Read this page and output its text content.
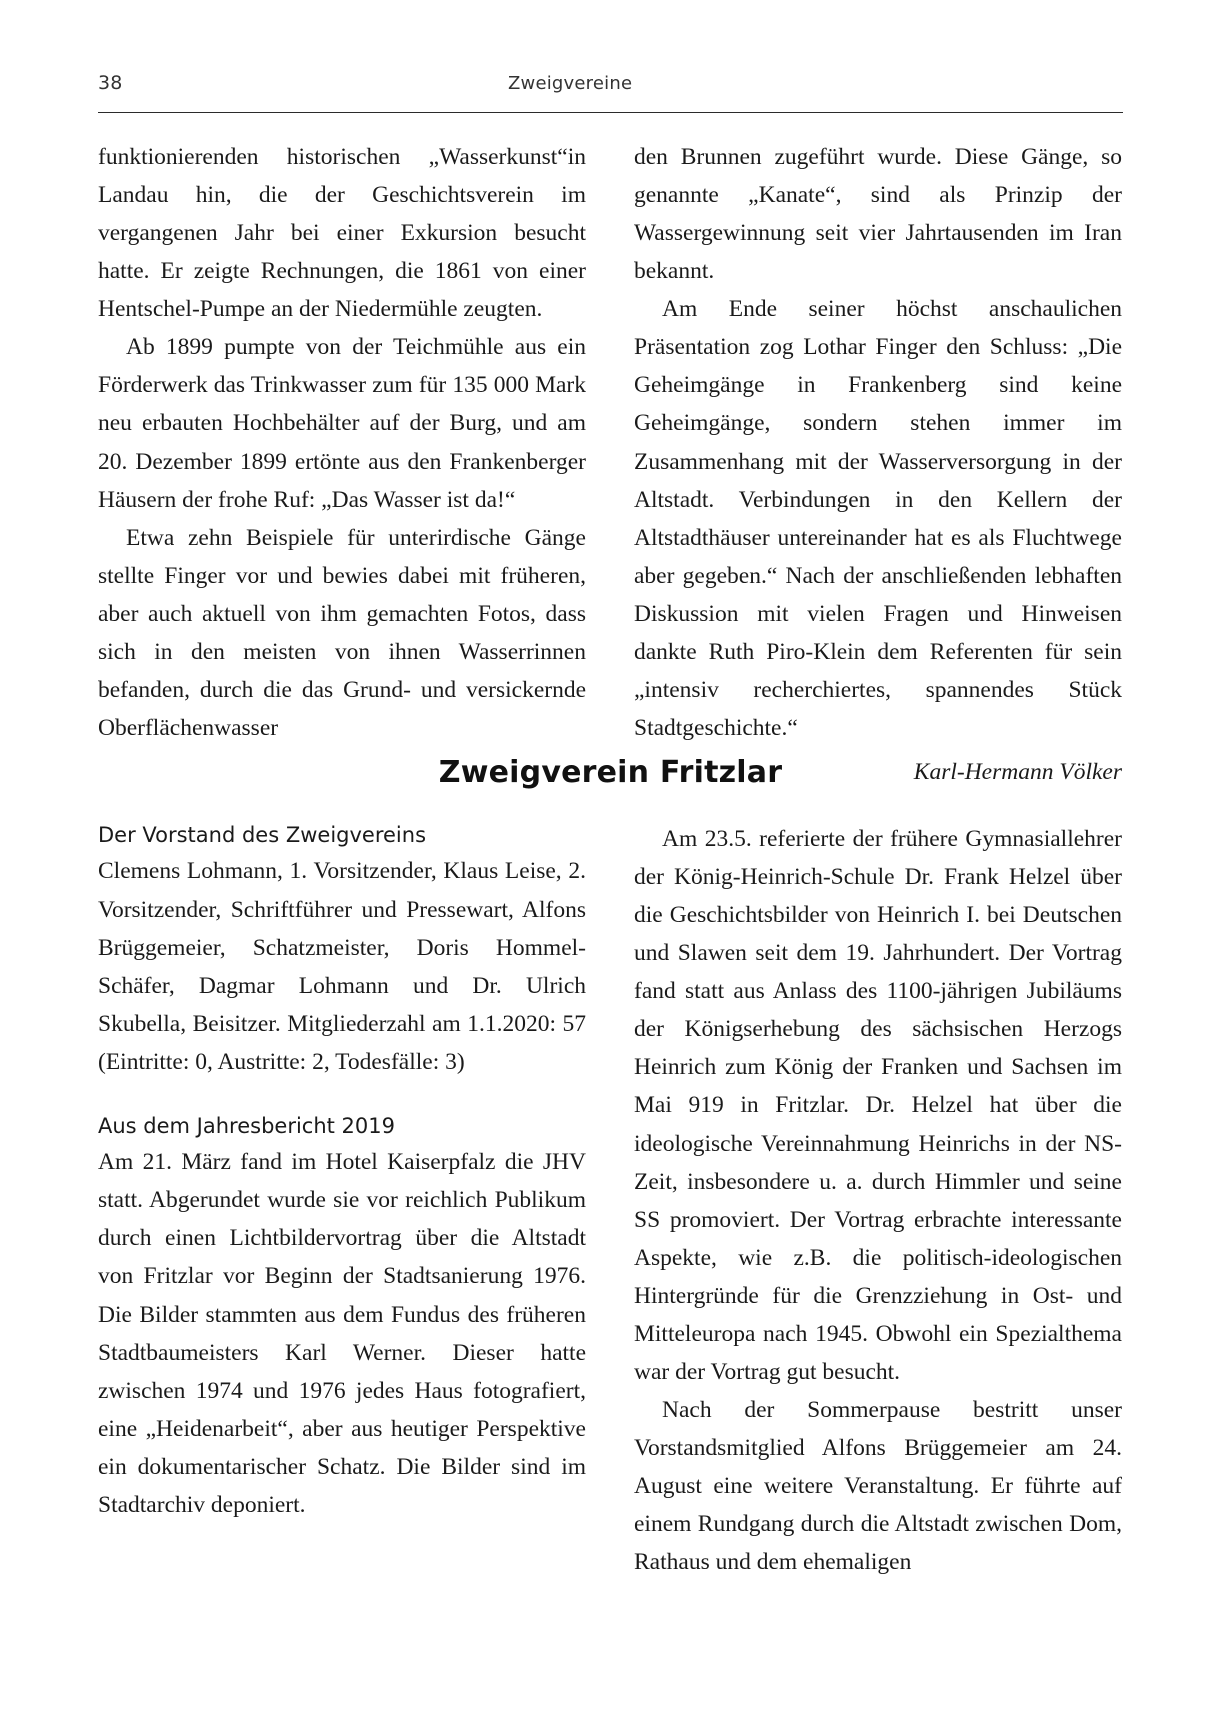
38	Zweigvereine

funktionierenden historischen „Wasserkunst“in Landau hin, die der Geschichtsverein im vergangenen Jahr bei einer Exkursion besucht hatte. Er zeigte Rechnungen, die 1861 von einer Hentschel-Pumpe an der Niedermühle zeugten.

Ab 1899 pumpte von der Teichmühle aus ein Förderwerk das Trinkwasser zum für 135 000 Mark neu erbauten Hochbehälter auf der Burg, und am 20. Dezember 1899 ertönte aus den Frankenberger Häusern der frohe Ruf: „Das Wasser ist da!“

Etwa zehn Beispiele für unterirdische Gänge stellte Finger vor und bewies dabei mit früheren, aber auch aktuell von ihm gemachten Fotos, dass sich in den meisten von ihnen Wasserrinnen befanden, durch die das Grund- und versickernde Oberflächenwasser

den Brunnen zugeführt wurde. Diese Gänge, so genannte „Kanate“, sind als Prinzip der Wassergewinnung seit vier Jahrtausenden im Iran bekannt.

Am Ende seiner höchst anschaulichen Präsentation zog Lothar Finger den Schluss: „Die Geheimgänge in Frankenberg sind keine Geheimgänge, sondern stehen immer im Zusammenhang mit der Wasserversorgung in der Altstadt. Verbindungen in den Kellern der Altstadthäuser untereinander hat es als Fluchtwege aber gegeben.“ Nach der anschließenden lebhaften Diskussion mit vielen Fragen und Hinweisen dankte Ruth Piro-Klein dem Referenten für sein „intensiv recherchiertes, spannendes Stück Stadtgeschichte.“

Karl-Hermann Völker

Zweigverein Fritzlar

Der Vorstand des Zweigvereins

Clemens Lohmann, 1. Vorsitzender, Klaus Leise, 2. Vorsitzender, Schriftführer und Pressewart, Alfons Brüggemeier, Schatzmeister, Doris Hommel-Schäfer, Dagmar Lohmann und Dr. Ulrich Skubella, Beisitzer. Mitgliederzahl am 1.1.2020: 57 (Eintritte: 0, Austritte: 2, Todesfälle: 3)

Aus dem Jahresbericht 2019

Am 21. März fand im Hotel Kaiserpfalz die JHV statt. Abgerundet wurde sie vor reichlich Publikum durch einen Lichtbildervortrag über die Altstadt von Fritzlar vor Beginn der Stadtsanierung 1976. Die Bilder stammten aus dem Fundus des früheren Stadtbaumeisters Karl Werner. Dieser hatte zwischen 1974 und 1976 jedes Haus fotografiert, eine „Heidenarbeit“, aber aus heutiger Perspektive ein dokumentarischer Schatz. Die Bilder sind im Stadtarchiv deponiert.

Am 23.5. referierte der frühere Gymnasiallehrer der König-Heinrich-Schule Dr. Frank Helzel über die Geschichtsbilder von Heinrich I. bei Deutschen und Slawen seit dem 19. Jahrhundert. Der Vortrag fand statt aus Anlass des 1100-jährigen Jubiläums der Königserhebung des sächsischen Herzogs Heinrich zum König der Franken und Sachsen im Mai 919 in Fritzlar. Dr. Helzel hat über die ideologische Vereinnahmung Heinrichs in der NS-Zeit, insbesondere u. a. durch Himmler und seine SS promoviert. Der Vortrag erbrachte interessante Aspekte, wie z.B. die politisch-ideologischen Hintergründe für die Grenzziehung in Ost- und Mitteleuropa nach 1945. Obwohl ein Spezialthema war der Vortrag gut besucht.

Nach der Sommerpause bestritt unser Vorstandsmitglied Alfons Brüggemeier am 24. August eine weitere Veranstaltung. Er führte auf einem Rundgang durch die Altstadt zwischen Dom, Rathaus und dem ehemaligen
